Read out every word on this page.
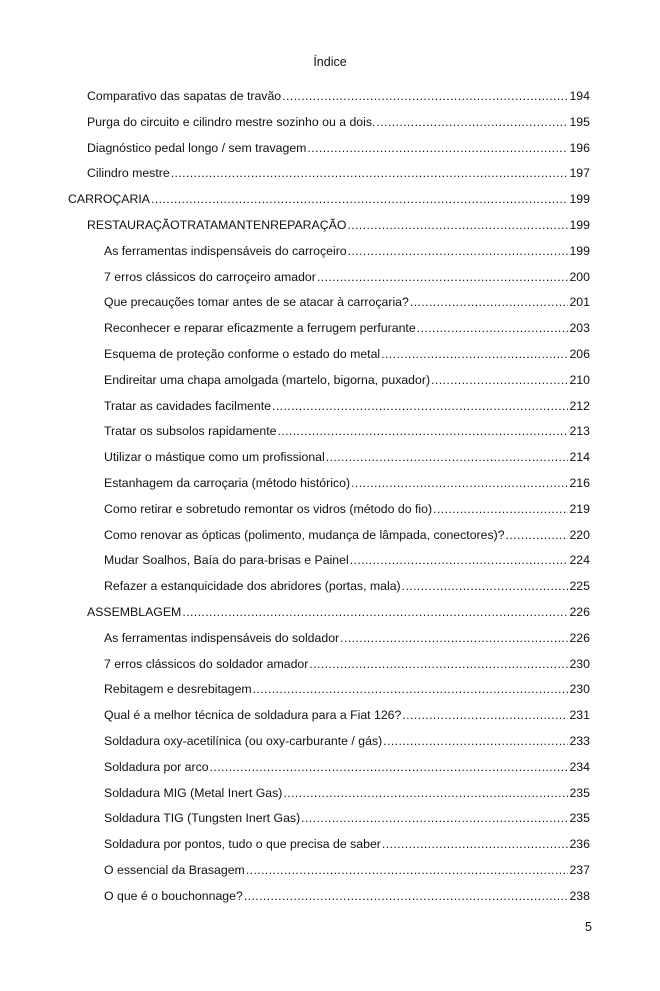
Índice
Comparativo das sapatas de travão .....	194
Purga do circuito e cilindro mestre sozinho ou a dois. .....	195
Diagnóstico pedal longo / sem travagem .....	196
Cilindro mestre .....	197
CARROÇARIA .....	199
RESTAURAÇÃOTRATAMANTENREPARAÇÃO .....	199
As ferramentas indispensáveis do carroçeiro .....	199
7 erros clássicos do carroçeiro amador .....	200
Que precauções tomar antes de se atacar à carroçaria? .....	201
Reconhecer e reparar eficazmente a ferrugem perfurante .....	203
Esquema de proteção conforme o estado do metal .....	206
Endireitar uma chapa amolgada (martelo, bigorna, puxador) .....	210
Tratar as cavidades facilmente .....	212
Tratar os subsolos rapidamente .....	213
Utilizar o mástique como um profissional .....	214
Estanhagem da carroçaria (método histórico) .....	216
Como retirar e sobretudo remontar os vidros (método do fio) .....	219
Como renovar as ópticas (polimento, mudança de lâmpada, conectores)? .....	220
Mudar Soalhos, Baía do para-brisas e Painel .....	224
Refazer a estanquicidade dos abridores (portas, mala) .....	225
ASSEMBLAGEM .....	226
As ferramentas indispensáveis do soldador .....	226
7 erros clássicos do soldador amador .....	230
Rebitagem e desrebitagem .....	230
Qual é a melhor técnica de soldadura para a Fiat 126? .....	231
Soldadura oxy-acetilínica (ou oxy-carburante / gás) .....	233
Soldadura por arco .....	234
Soldadura MIG (Metal Inert Gas) .....	235
Soldadura TIG (Tungsten Inert Gas) .....	235
Soldadura por pontos, tudo o que precisa de saber .....	236
O essencial da Brasagem .....	237
O que é o bouchonnage? .....	238
5
